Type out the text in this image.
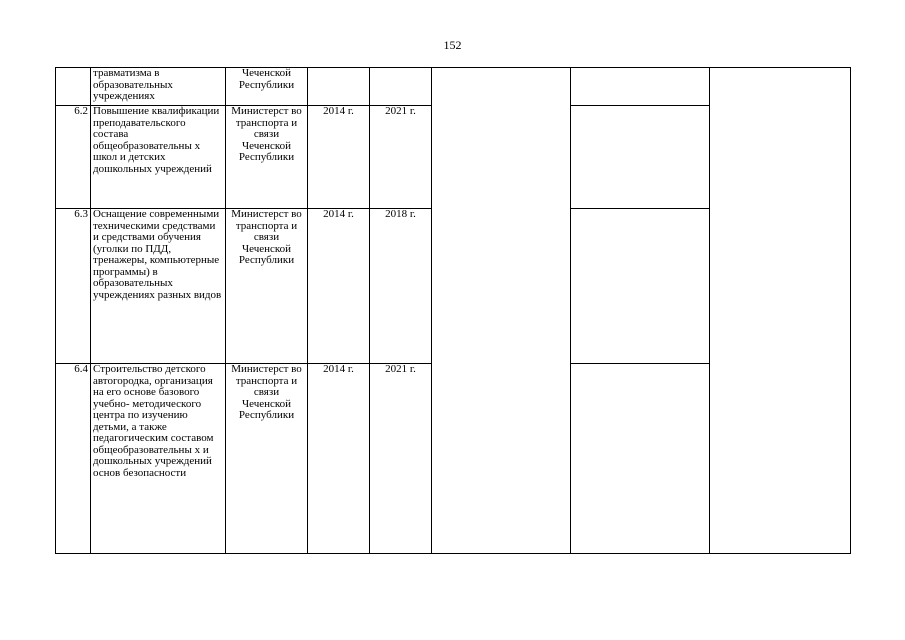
152
	травматизма в образовательных учреждениях	Чеченской Республики					
6.2	Повышение квалификации преподавательского состава общеобразовательны х школ и детских дошкольных учреждений	Министерст во транспорта и связи Чеченской Республики	2014 г.	2021 г.			
6.3	Оснащение современными техническими средствами и средствами обучения (уголки по ПДД, тренажеры, компьютерные программы) в образовательных учреждениях разных видов	Министерст во транспорта и связи Чеченской Республики	2014 г.	2018 г.			
6.4	Строительство детского автогородка, организация на его основе базового учебно- методического центра по изучению детьми, а также педагогическим составом общеобразовательны х и дошкольных учреждений основ безопасности	Министерст во транспорта и связи Чеченской Республики	2014 г.	2021 г.			
